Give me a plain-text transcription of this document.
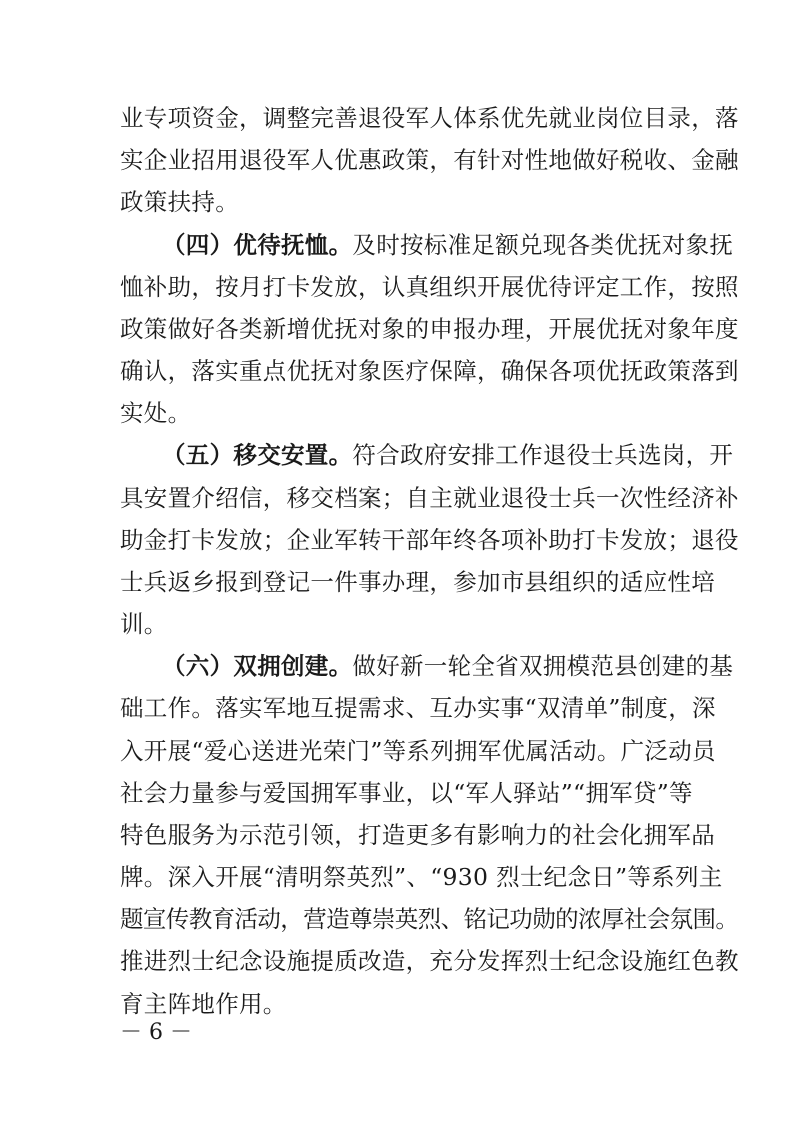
业专项资金，调整完善退役军人体系优先就业岗位目录，落
实企业招用退役军人优惠政策，有针对性地做好税收、金融
政策扶持。
（四）优待抚恤。及时按标准足额兑现各类优抚对象抚
恤补助，按月打卡发放，认真组织开展优待评定工作，按照
政策做好各类新增优抚对象的申报办理，开展优抚对象年度
确认，落实重点优抚对象医疗保障，确保各项优抚政策落到
实处。
（五）移交安置。符合政府安排工作退役士兵选岗，开
具安置介绍信，移交档案；自主就业退役士兵一次性经济补
助金打卡发放；企业军转干部年终各项补助打卡发放；退役
士兵返乡报到登记一件事办理，参加市县组织的适应性培
训。
（六）双拥创建。做好新一轮全省双拥模范县创建的基
础工作。落实军地互提需求、互办实事“双清单”制度，深
入开展“爱心送进光荣门”等系列拥军优属活动。广泛动员
社会力量参与爱国拥军事业，以“军人驿站”“拥军贷”等
特色服务为示范引领，打造更多有影响力的社会化拥军品
牌。深入开展“清明祭英烈”、“930 烈士纪念日”等系列主
题宣传教育活动，营造尊崇英烈、铭记功勋的浓厚社会氛围。
推进烈士纪念设施提质改造，充分发挥烈士纪念设施红色教
育主阵地作用。
－ 6 －
